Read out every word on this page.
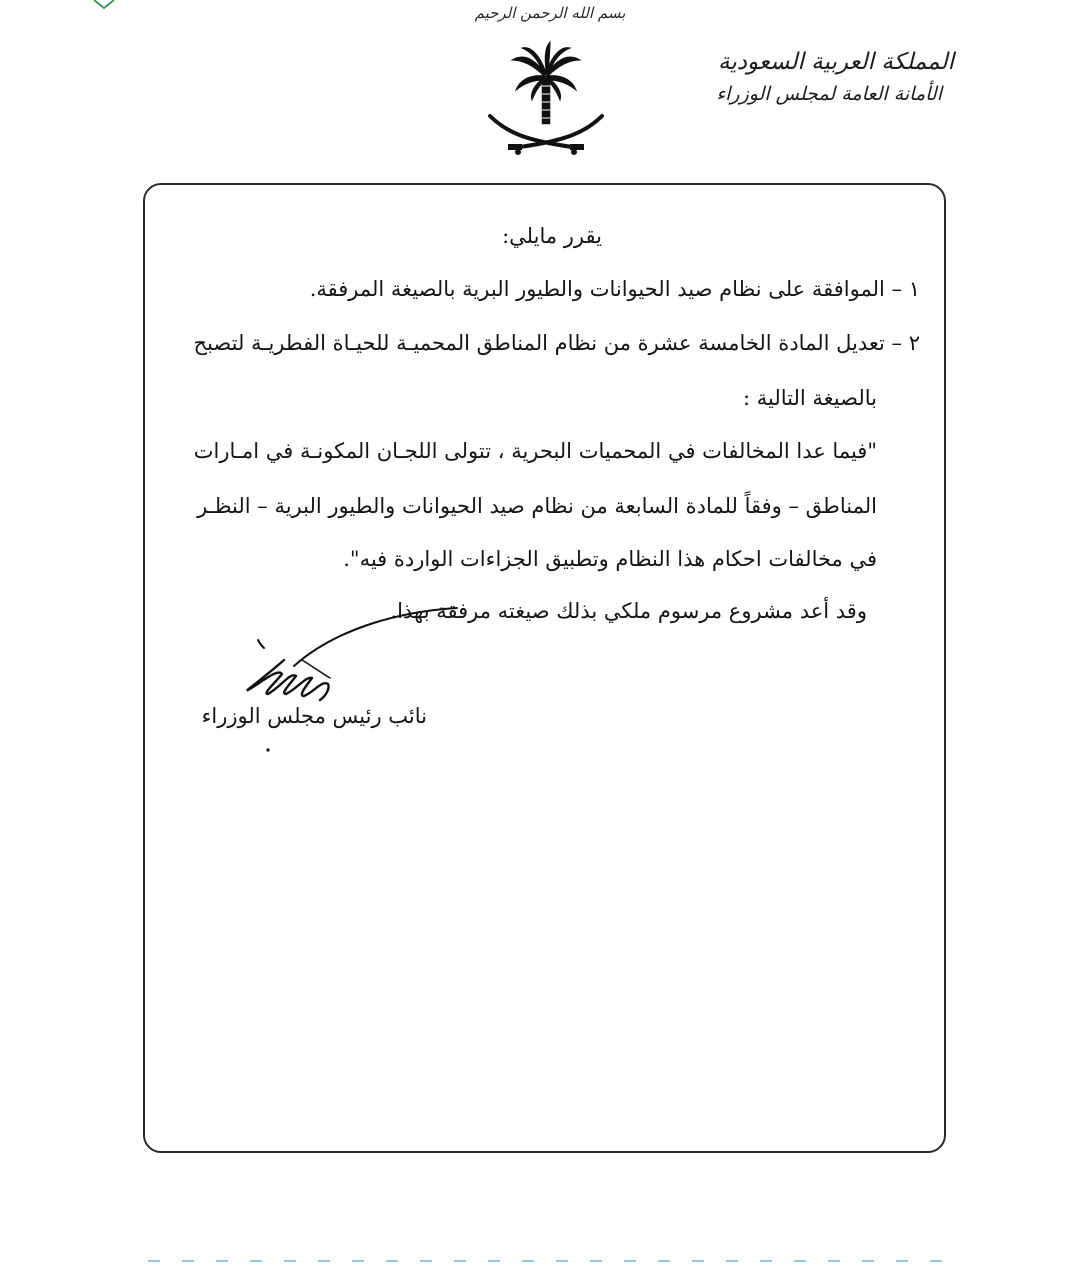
بسم الله الرحمن الرحيم
المملكة العربية السعودية
الأمانة العامة لمجلس الوزراء
يقرر مايلي:
١ – الموافقة على نظام صيد الحيوانات والطيور البرية بالصيغة المرفقة.
٢ – تعديل المادة الخامسة عشرة من نظام المناطق المحميـة للحيـاة الفطريـة لتصبح
بالصيغة التالية :
"فيما عدا المخالفات في المحميات البحرية ، تتولى اللجـان المكونـة في امـارات
المناطق – وفقاً للمادة السابعة من نظام صيد الحيوانات والطيور البرية – النظـر
في مخالفات احكام هذا النظام وتطبيق الجزاءات الواردة فيه".
وقد أعد مشروع مرسوم ملكي بذلك صيغته مرفقة بهذا.
نائب رئيس مجلس الوزراء
